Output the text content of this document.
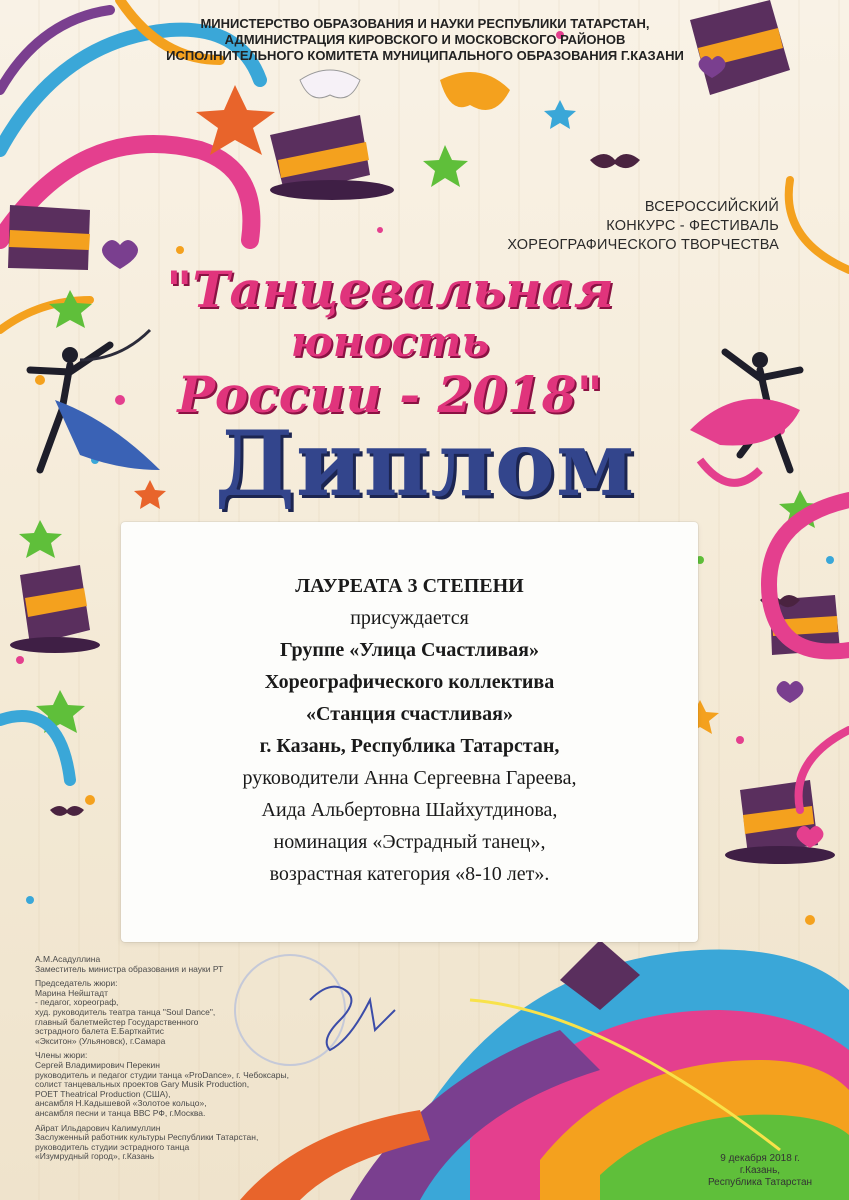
МИНИСТЕРСТВО ОБРАЗОВАНИЯ И НАУКИ РЕСПУБЛИКИ ТАТАРСТАН,
АДМИНИСТРАЦИЯ КИРОВСКОГО И МОСКОВСКОГО РАЙОНОВ
ИСПОЛНИТЕЛЬНОГО КОМИТЕТА МУНИЦИПАЛЬНОГО ОБРАЗОВАНИЯ Г.КАЗАНИ
ВСЕРОССИЙСКИЙ
КОНКУРС - ФЕСТИВАЛЬ
ХОРЕОГРАФИЧЕСКОГО ТВОРЧЕСТВА
"Танцевальная
юность
России - 2018"
Диплом
ЛАУРЕАТА 3 СТЕПЕНИ
присуждается
Группе «Улица Счастливая»
Хореографического коллектива
«Станция счастливая»
г. Казань, Республика Татарстан,
руководители Анна Сергеевна Гареева,
Аида Альбертовна Шайхутдинова,
номинация «Эстрадный танец»,
возрастная категория «8-10 лет».
А.М.Асадуллина
Заместитель министра образования и науки РТ
Председатель жюри:
Марина Нейштадт
- педагог, хореограф,
худ. руководитель театра танца "Soul Dance",
главный балетмейстер Государственного
эстрадного балета Е.Барткайтис
«Экситон» (Ульяновск), г.Самара
Члены жюри:
Сергей Владимирович Перекин
руководитель и педагог студии танца «ProDance», г. Чебоксары,
солист танцевальных проектов Gary Musik Production,
POET Theatrical Production (США),
ансамбля Н.Кадышевой «Золотое кольцо»,
ансамбля песни и танца ВВС РФ, г.Москва.
Айрат Ильдарович Калимуллин
Заслуженный работник культуры Республики Татарстан,
руководитель студии эстрадного танца
«Изумрудный город», г.Казань	9 декабря 2018 г.
г.Казань,
Республика Татарстан
